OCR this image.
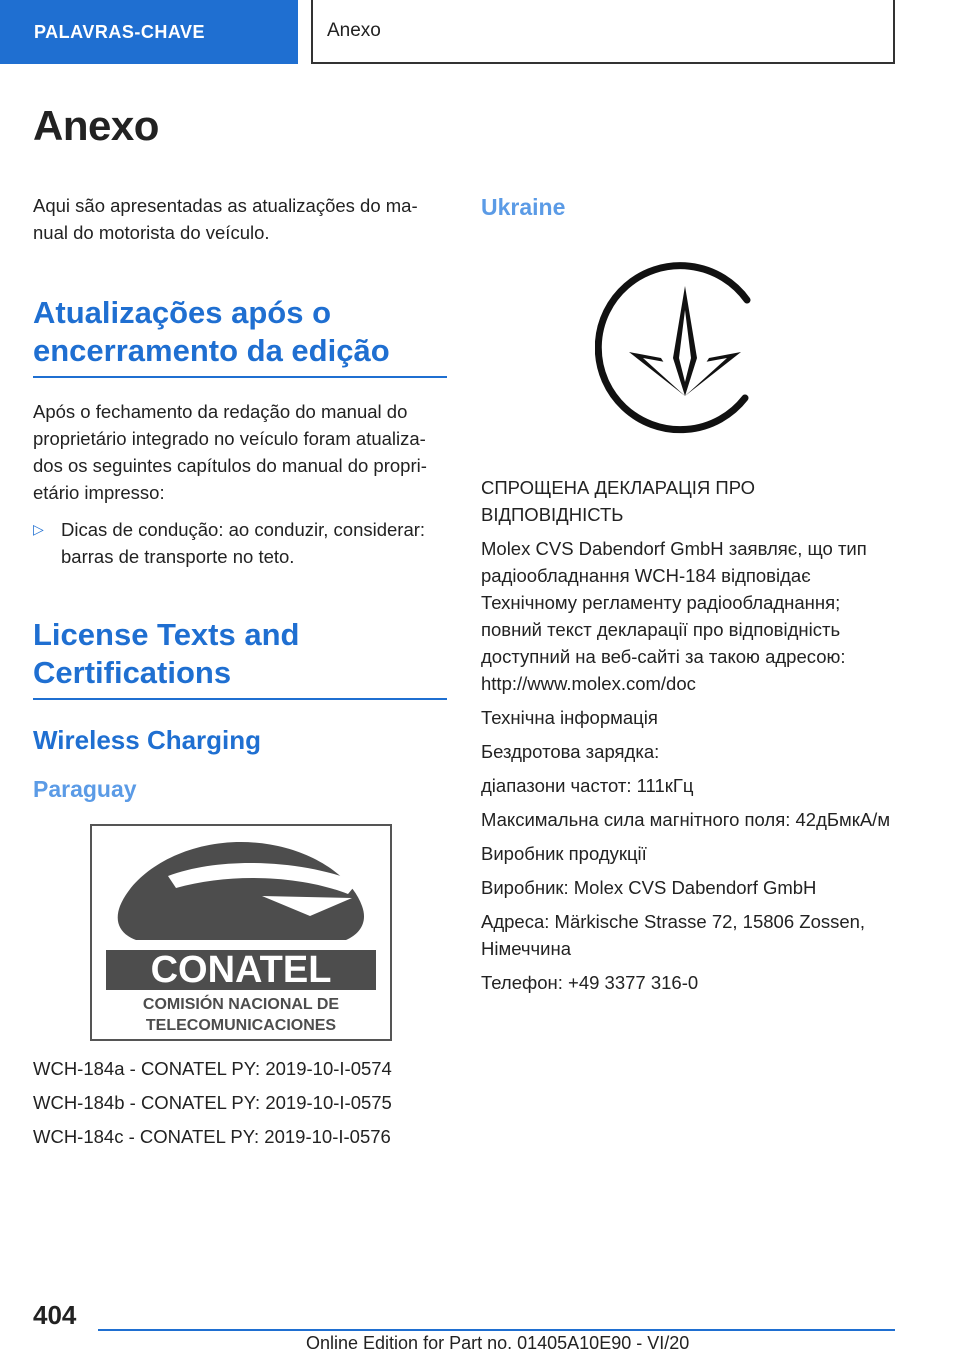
PALAVRAS-CHAVE	Anexo
Anexo

Aqui são apresentadas as atualizações do ma- nual do motorista do veículo.

Atualizações após o encerramento da edição

Após o fechamento da redação do manual do proprietário integrado no veículo foram atualiza- dos os seguintes capítulos do manual do propri- etário impresso:

▷ Dicas de condução: ao conduzir, considerar: barras de transporte no teto.

License Texts and Certifications
Wireless Charging
Paraguay
CONATEL
COMISIÓN NACIONAL DE
TELECOMUNICACIONES

WCH-184a - CONATEL PY: 2019-10-I-0574

WCH-184b - CONATEL PY: 2019-10-I-0575

WCH-184c - CONATEL PY: 2019-10-I-0576

Ukraine

СПРОЩЕНА ДЕКЛАРАЦІЯ ПРО ВІДПОВІДНІСТЬ

Molex CVS Dabendorf GmbH заявляє, що тип радіообладнання WCH-184 відповідає Технічному регламенту радіообладнання; повний текст декларації про відповідність доступний на веб-сайті за такою адресою: http://www.molex.com/doc

Технічна інформація

Бездротова зарядка:

діапазони частот: 111кГц

Максимальна сила магнітного поля: 42дБмкА/м

Виробник продукції

Виробник: Molex CVS Dabendorf GmbH

Адреса: Märkische Strasse 72, 15806 Zossen, Німеччина

Телефон: +49 3377 316-0

404
Online Edition for Part no. 01405A10E90 - VI/20
